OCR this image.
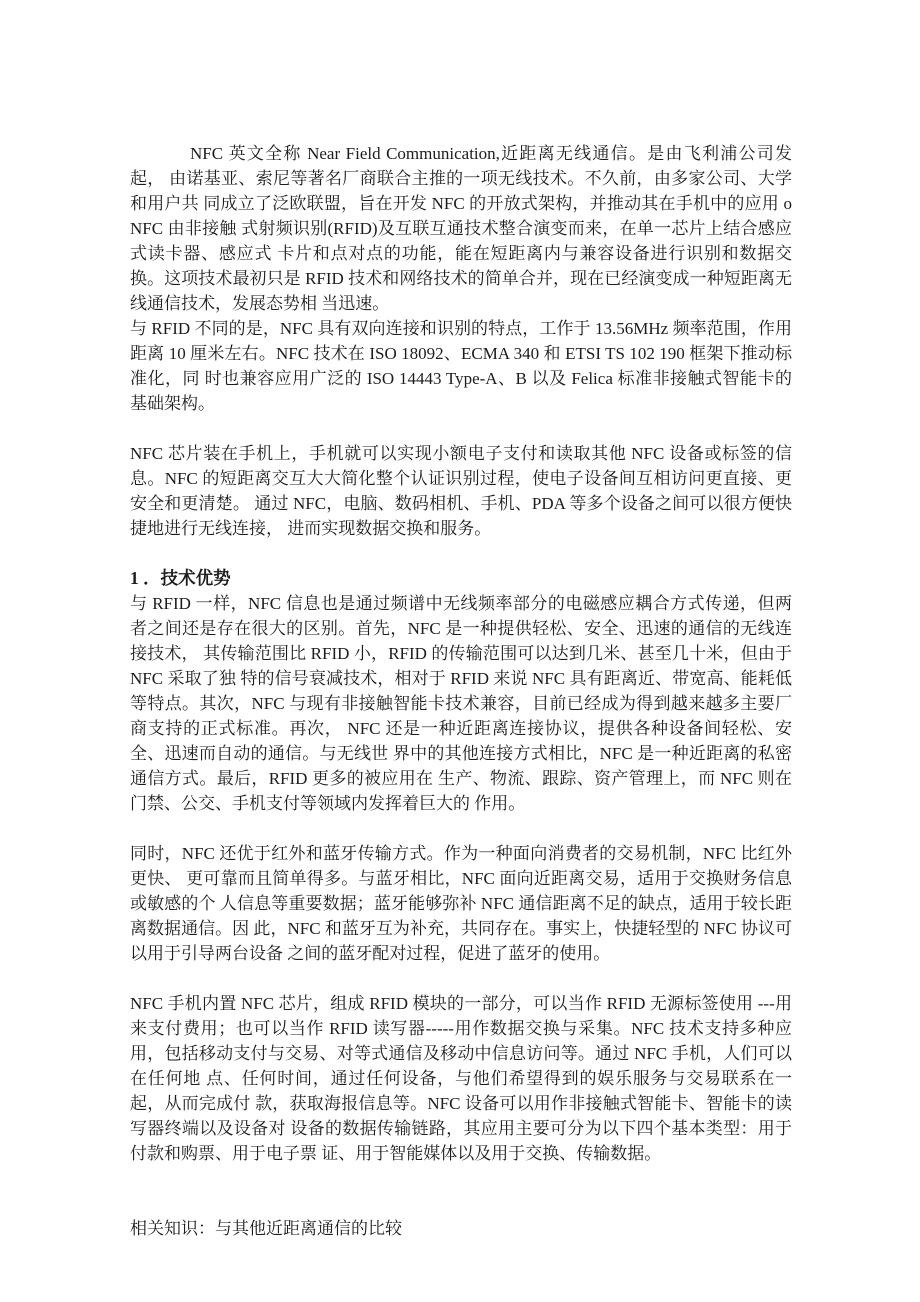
NFC 英文全称 Near Field Communication,近距离无线通信。是由飞利浦公司发起， 由诺基亚、索尼等著名厂商联合主推的一项无线技术。不久前，由多家公司、大学和用户共 同成立了泛欧联盟，旨在开发 NFC 的开放式架构，并推动其在手机中的应用 o NFC 由非接触 式射频识别(RFID)及互联互通技术整合演变而来，在单一芯片上结合感应式读卡器、感应式 卡片和点对点的功能，能在短距离内与兼容设备进行识别和数据交换。这项技术最初只是 RFID 技术和网络技术的简单合并，现在已经演变成一种短距离无线通信技术，发展态势相 当迅速。

与 RFID 不同的是，NFC 具有双向连接和识别的特点，工作于 13.56MHz 频率范围，作用距离 10 厘米左右。NFC 技术在 ISO 18092、ECMA 340 和 ETSI TS 102 190 框架下推动标准化，同 时也兼容应用广泛的 ISO 14443 Type-A、B 以及 Felica 标准非接触式智能卡的基础架构。

NFC 芯片装在手机上，手机就可以实现小额电子支付和读取其他 NFC 设备或标签的信息。NFC 的短距离交互大大简化整个认证识别过程，使电子设备间互相访问更直接、更安全和更清楚。 通过 NFC，电脑、数码相机、手机、PDA 等多个设备之间可以很方便快捷地进行无线连接， 进而实现数据交换和服务。

1 ．技术优势

与 RFID 一样，NFC 信息也是通过频谱中无线频率部分的电磁感应耦合方式传递，但两者之间还是存在很大的区别。首先，NFC 是一种提供轻松、安全、迅速的通信的无线连接技术， 其传输范围比 RFID 小，RFID 的传输范围可以达到几米、甚至几十米，但由于 NFC 采取了独 特的信号衰减技术，相对于 RFID 来说 NFC 具有距离近、带宽高、能耗低等特点。其次，NFC 与现有非接触智能卡技术兼容，目前已经成为得到越来越多主要厂商支持的正式标准。再次， NFC 还是一种近距离连接协议，提供各种设备间轻松、安全、迅速而自动的通信。与无线世 界中的其他连接方式相比，NFC 是一种近距离的私密通信方式。最后，RFID 更多的被应用在 生产、物流、跟踪、资产管理上，而 NFC 则在门禁、公交、手机支付等领域内发挥着巨大的 作用。

同时，NFC 还优于红外和蓝牙传输方式。作为一种面向消费者的交易机制，NFC 比红外更快、 更可靠而且简单得多。与蓝牙相比，NFC 面向近距离交易，适用于交换财务信息或敏感的个 人信息等重要数据；蓝牙能够弥补 NFC 通信距离不足的缺点，适用于较长距离数据通信。因 此，NFC 和蓝牙互为补充，共同存在。事实上，快捷轻型的 NFC 协议可以用于引导两台设备 之间的蓝牙配对过程，促进了蓝牙的使用。

NFC 手机内置 NFC 芯片，组成 RFID 模块的一部分，可以当作 RFID 无源标签使用 ---用来支付费用；也可以当作 RFID 读写器-----用作数据交换与采集。NFC 技术支持多种应用，包括移动支付与交易、对等式通信及移动中信息访问等。通过 NFC 手机，人们可以在任何地 点、任何时间，通过任何设备，与他们希望得到的娱乐服务与交易联系在一起，从而完成付 款，获取海报信息等。NFC 设备可以用作非接触式智能卡、智能卡的读写器终端以及设备对 设备的数据传输链路，其应用主要可分为以下四个基本类型：用于付款和购票、用于电子票 证、用于智能媒体以及用于交换、传输数据。

相关知识：与其他近距离通信的比较
